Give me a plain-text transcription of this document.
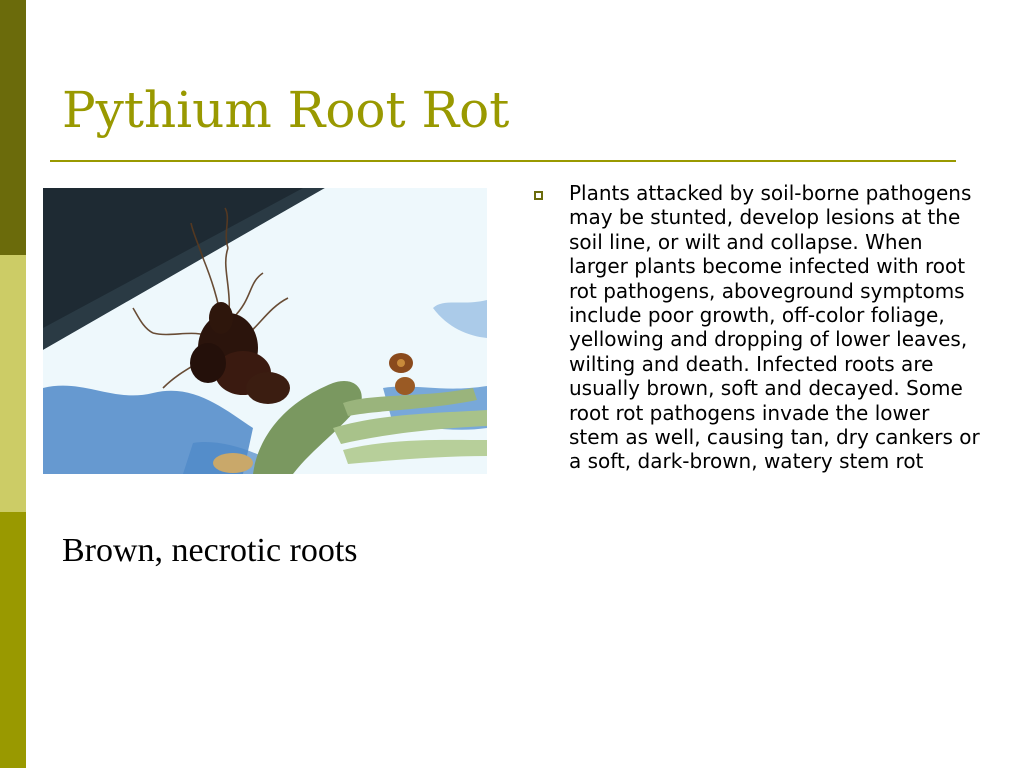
Pythium Root Rot
Brown, necrotic roots

Plants attacked by soil-borne pathogens may be stunted, develop lesions at the soil line, or wilt and collapse. When larger plants become infected with root rot pathogens, aboveground symptoms include poor growth, off-color foliage, yellowing and dropping of lower leaves, wilting and death. Infected roots are usually brown, soft and decayed. Some root rot pathogens invade the lower stem as well, causing tan, dry cankers or a soft, dark-brown, watery stem rot
